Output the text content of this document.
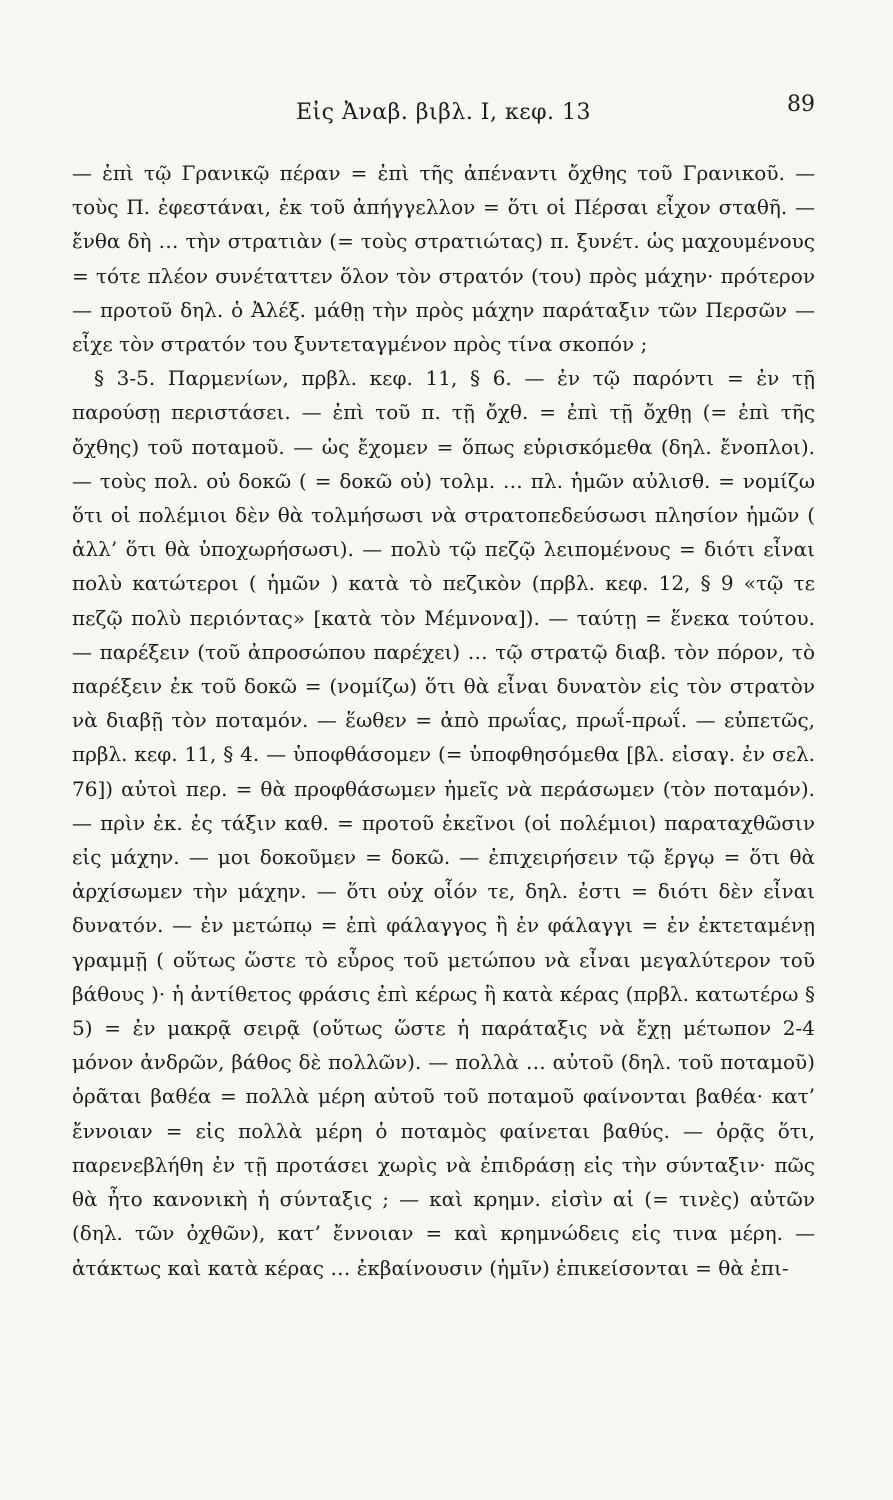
Εἰς Ἀναβ. βιβλ. I, κεφ. 13	89

— ἐπὶ τῷ Γρανικῷ πέραν = ἐπὶ τῆς ἀπέναντι ὄχθης τοῦ Γρανικοῦ. — τοὺς Π. ἐφεστάναι, ἐκ τοῦ ἀπήγγελλον = ὅτι οἱ Πέρσαι εἶχον σταθῆ. — ἔνθα δὴ … τὴν στρατιὰν (= τοὺς στρατιώτας) π. ξυνέτ. ὡς μαχουμένους = τότε πλέον συνέταττεν ὅλον τὸν στρατόν (του) πρὸς μάχην· πρότερον — προτοῦ δηλ. ὁ Ἀλέξ. μάθῃ τὴν πρὸς μάχην παράταξιν τῶν Περσῶν — εἶχε τὸν στρατόν του ξυντεταγμένον πρὸς τίνα σκοπόν ;

§ 3-5. Παρμενίων, πρβλ. κεφ. 11, § 6. — ἐν τῷ παρόντι = ἐν τῇ παρούσῃ περιστάσει. — ἐπὶ τοῦ π. τῇ ὄχθ. = ἐπὶ τῇ ὄχθῃ (= ἐπὶ τῆς ὄχθης) τοῦ ποταμοῦ. — ὡς ἔχομεν = ὅπως εὑρισκόμεθα (δηλ. ἔνοπλοι). — τοὺς πολ. οὐ δοκῶ ( = δοκῶ οὐ) τολμ. … πλ. ἡμῶν αὐλισθ. = νομίζω ὅτι οἱ πολέμιοι δὲν θὰ τολμήσωσι νὰ στρατοπεδεύσωσι πλησίον ἡμῶν ( ἀλλ’ ὅτι θὰ ὑποχωρήσωσι). — πολὺ τῷ πεζῷ λειπομένους = διότι εἶναι πολὺ κατώτεροι ( ἡμῶν ) κατὰ τὸ πεζικὸν (πρβλ. κεφ. 12, § 9 «τῷ τε πεζῷ πολὺ περιόντας» [κατὰ τὸν Μέμνονα]). — ταύτῃ = ἕνεκα τούτου. — παρέξειν (τοῦ ἀπροσώπου παρέχει) … τῷ στρατῷ διαβ. τὸν πόρον, τὸ παρέξειν ἐκ τοῦ δοκῶ = (νομίζω) ὅτι θὰ εἶναι δυνατὸν εἰς τὸν στρατὸν νὰ διαβῇ τὸν ποταμόν. — ἕωθεν = ἀπὸ πρωΐας, πρωΐ-πρωΐ. — εὐπετῶς, πρβλ. κεφ. 11, § 4. — ὑποφθάσομεν (= ὑποφθησόμεθα [βλ. εἰσαγ. ἐν σελ. 76]) αὐτοὶ περ. = θὰ προφθάσωμεν ἡμεῖς νὰ περάσωμεν (τὸν ποταμόν). — πρὶν ἐκ. ἐς τάξιν καθ. = προτοῦ ἐκεῖνοι (οἱ πολέμιοι) παραταχθῶσιν εἰς μάχην. — μοι δοκοῦμεν = δοκῶ. — ἐπιχειρήσειν τῷ ἔργῳ = ὅτι θὰ ἀρχίσωμεν τὴν μάχην. — ὅτι οὐχ οἷόν τε, δηλ. ἐστι = διότι δὲν εἶναι δυνατόν. — ἐν μετώπῳ = ἐπὶ φάλαγγος ἢ ἐν φάλαγγι = ἐν ἐκτεταμένῃ γραμμῇ ( οὕτως ὥστε τὸ εὖρος τοῦ μετώπου νὰ εἶναι μεγαλύτερον τοῦ βάθους )· ἡ ἀντίθετος φράσις ἐπὶ κέρως ἢ κατὰ κέρας (πρβλ. κατωτέρω § 5) = ἐν μακρᾷ σειρᾷ (οὕτως ὥστε ἡ παράταξις νὰ ἔχῃ μέτωπον 2-4 μόνον ἀνδρῶν, βάθος δὲ πολλῶν). — πολλὰ … αὐτοῦ (δηλ. τοῦ ποταμοῦ) ὁρᾶται βαθέα = πολλὰ μέρη αὐτοῦ τοῦ ποταμοῦ φαίνονται βαθέα· κατ’ ἔννοιαν = εἰς πολλὰ μέρη ὁ ποταμὸς φαίνεται βαθύς. — ὁρᾷς ὅτι, παρενεβλήθη ἐν τῇ προτάσει χωρὶς νὰ ἐπιδράσῃ εἰς τὴν σύνταξιν· πῶς θὰ ἦτο κανονικὴ ἡ σύνταξις ; — καὶ κρημν. εἰσὶν αἱ (= τινὲς) αὐτῶν (δηλ. τῶν ὀχθῶν), κατ’ ἔννοιαν = καὶ κρημνώδεις εἰς τινα μέρη. — ἀτάκτως καὶ κατὰ κέρας … ἐκβαίνουσιν (ἡμῖν) ἐπικείσονται = θὰ ἐπι-
